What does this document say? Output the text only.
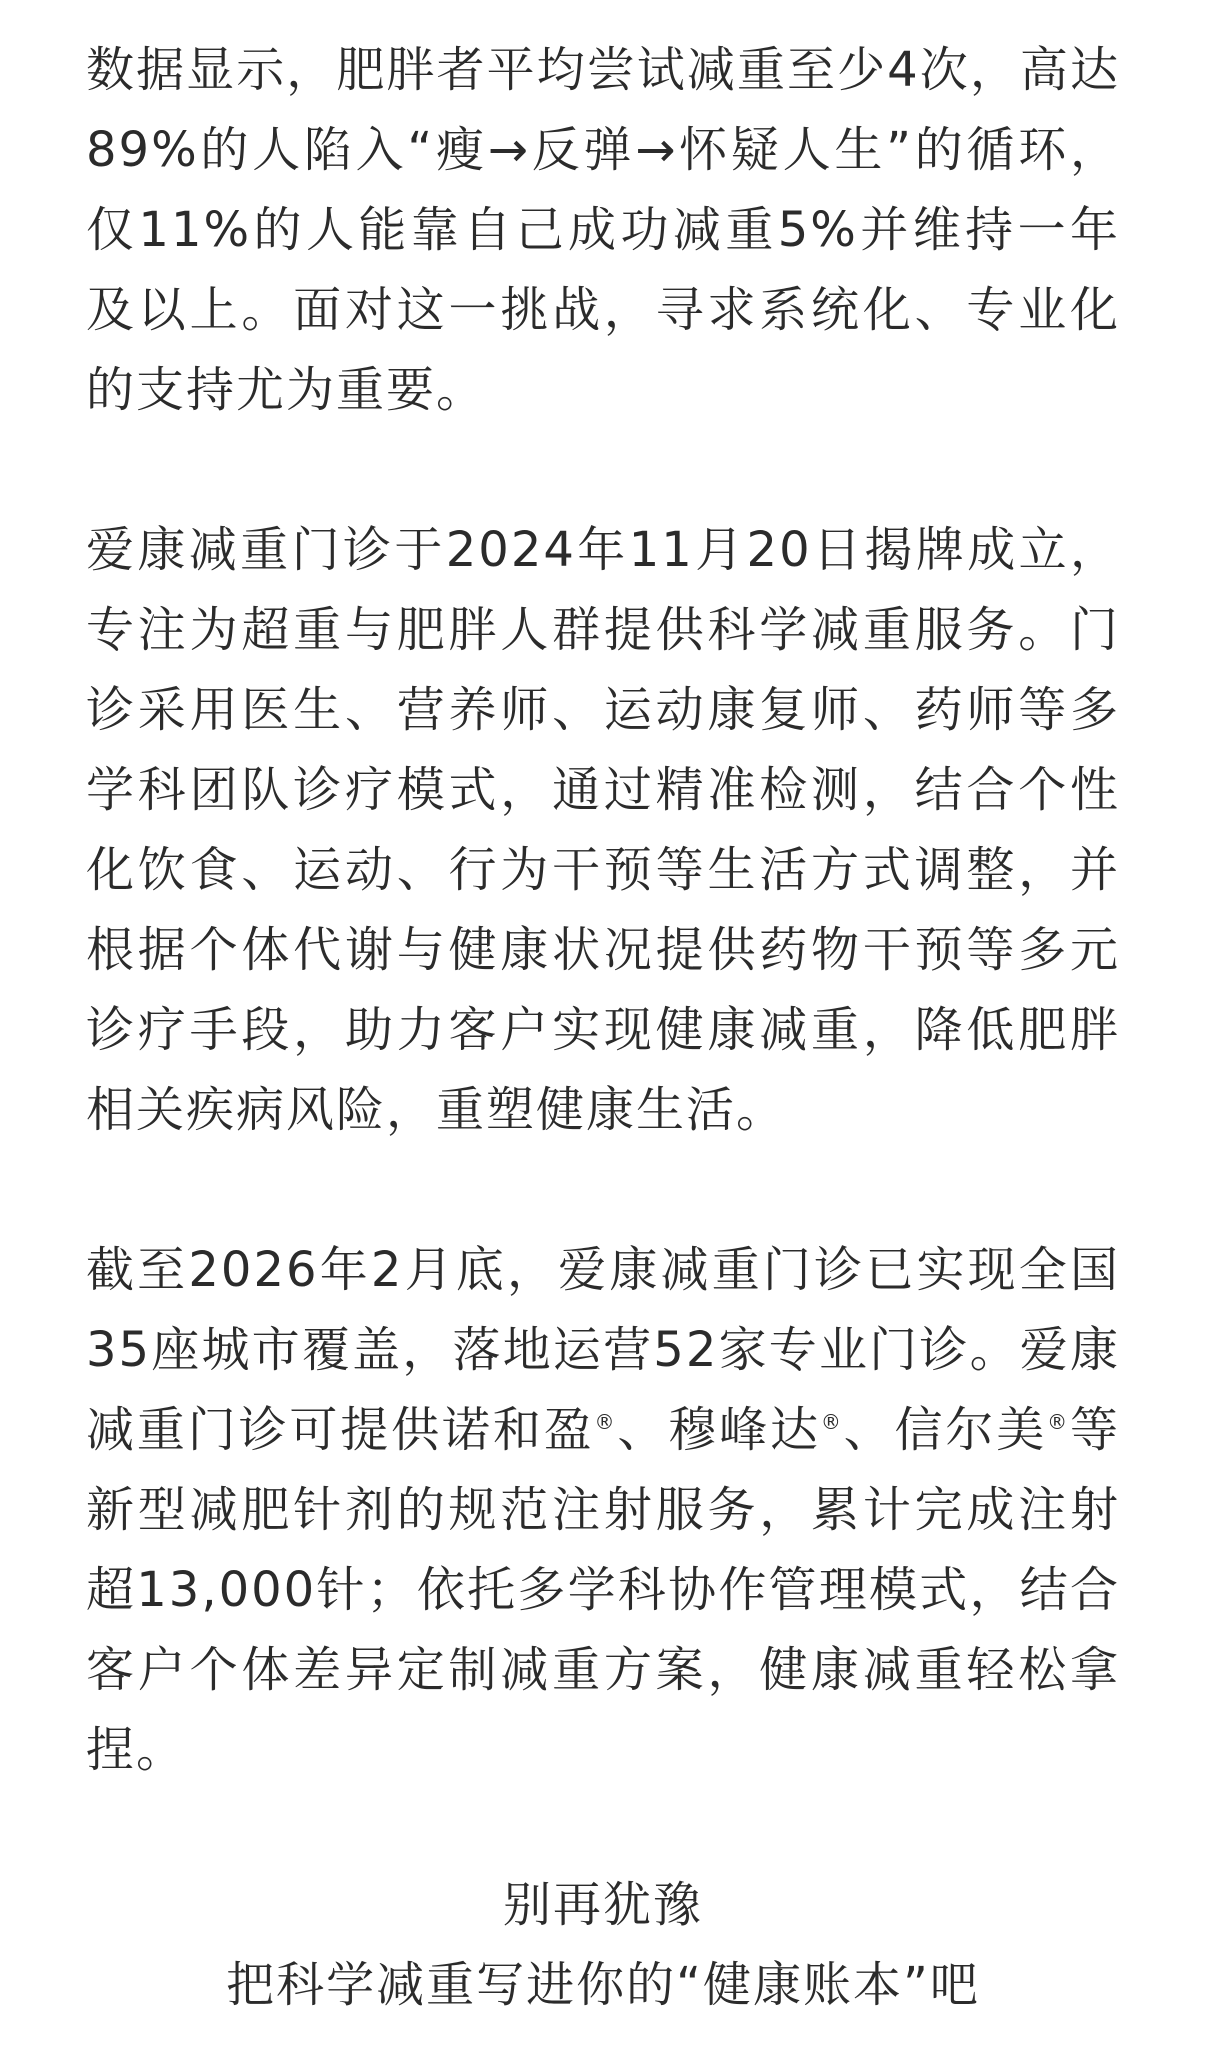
数据显示，肥胖者平均尝试减重至少4次，高达89%的人陷入“瘦→反弹→怀疑人生”的循环，仅11%的人能靠自己成功减重5%并维持一年及以上。面对这一挑战，寻求系统化、专业化的支持尤为重要。

爱康减重门诊于2024年11月20日揭牌成立，专注为超重与肥胖人群提供科学减重服务。门诊采用医生、营养师、运动康复师、药师等多学科团队诊疗模式，通过精准检测，结合个性化饮食、运动、行为干预等生活方式调整，并根据个体代谢与健康状况提供药物干预等多元诊疗手段，助力客户实现健康减重，降低肥胖相关疾病风险，重塑健康生活。

截至2026年2月底，爱康减重门诊已实现全国35座城市覆盖，落地运营52家专业门诊。爱康减重门诊可提供诺和盈®、穆峰达®、信尔美®等新型减肥针剂的规范注射服务，累计完成注射超13,000针；依托多学科协作管理模式，结合客户个体差异定制减重方案，健康减重轻松拿捏。

别再犹豫

把科学减重写进你的“健康账本”吧
